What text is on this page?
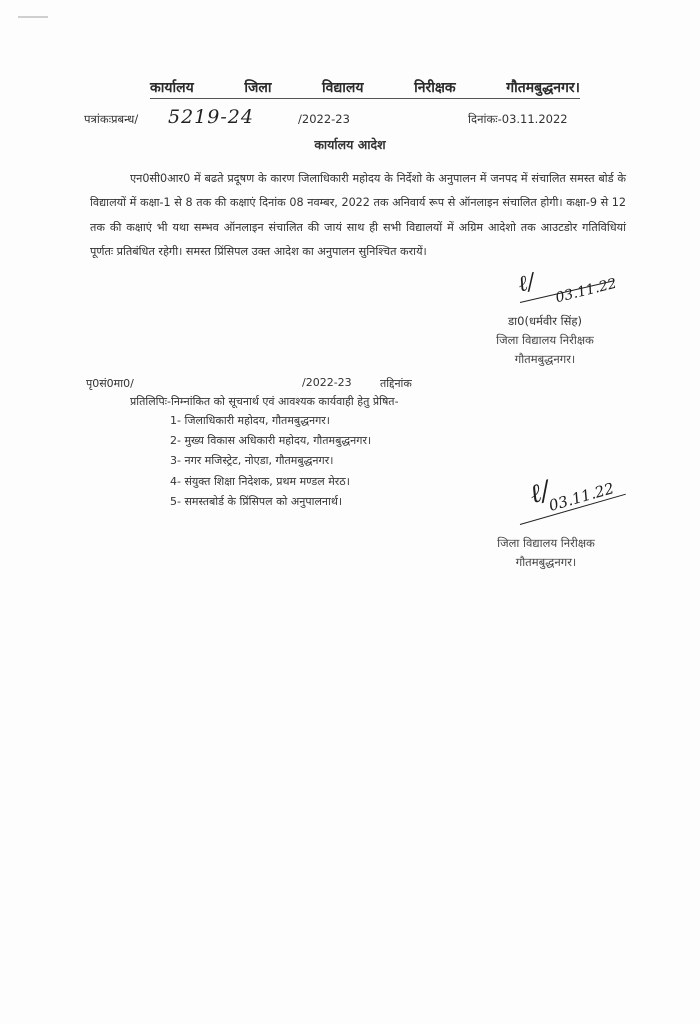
कार्यालय	जिला	विद्यालय	निरीक्षक	गौतमबुद्धनगर।
पत्रांकःप्रबन्ध/ 5219-24	/2022-23	दिनांकः-03.11.2022
कार्यालय आदेश

एन0सी0आर0 में बढते प्रदूषण के कारण जिलाधिकारी महोदय के निर्देशो के अनुपालन में जनपद में संचालित समस्त बोर्ड के विद्यालयों में कक्षा-1 से 8 तक की कक्षाएं दिनांक 08 नवम्बर, 2022 तक अनिवार्य रूप से ऑनलाइन संचालित होगी। कक्षा-9 से 12 तक की कक्षाएं भी यथा सम्भव ऑनलाइन संचालित की जायं साथ ही सभी विद्यालयों में अग्रिम आदेशो तक आउटडोर गतिविधियां पूर्णतः प्रतिबंधित रहेगी। समस्त प्रिंसिपल उक्त आदेश का अनुपालन सुनिश्चित करायें।

ℓ∕ 03.11.22
डा0(धर्मवीर सिंह)
जिला विद्यालय निरीक्षक
गौतमबुद्धनगर।
पृ0सं0मा0/	/2022-23	तद्दिनांक
प्रतिलिपिः-निम्नांकित को सूचनार्थ एवं आवश्यक कार्यवाही हेतु प्रेषित-
1- जिलाधिकारी महोदय, गौतमबुद्धनगर।
2- मुख्य विकास अधिकारी महोदय, गौतमबुद्धनगर।
3- नगर मजिस्ट्रेट, नोएडा, गौतमबुद्धनगर।
4- संयुक्त शिक्षा निदेशक, प्रथम मण्डल मेरठ।
5- समस्तबोर्ड के प्रिंसिपल को अनुपालनार्थ।	ℓ∕
03.11.22
जिला विद्यालय निरीक्षक
गौतमबुद्धनगर।
